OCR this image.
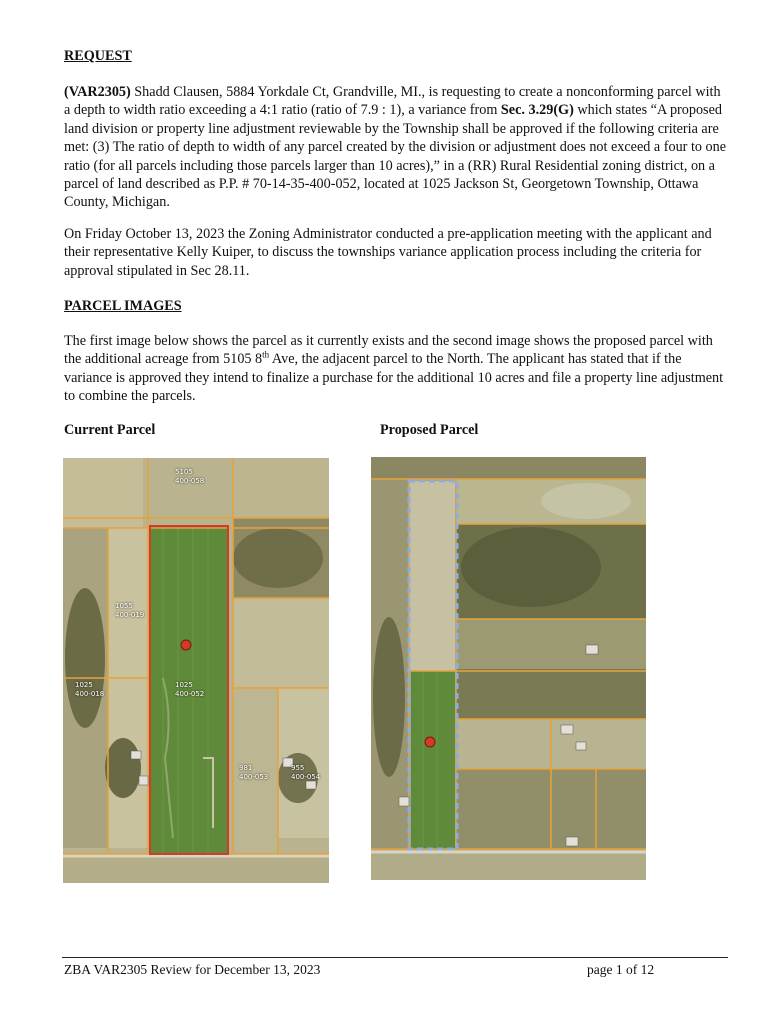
REQUEST

(VAR2305) Shadd Clausen, 5884 Yorkdale Ct, Grandville, MI., is requesting to create a nonconforming parcel with a depth to width ratio exceeding a 4:1 ratio (ratio of 7.9 : 1), a variance from Sec. 3.29(G) which states “A proposed land division or property line adjustment reviewable by the Township shall be approved if the following criteria are met: (3) The ratio of depth to width of any parcel created by the division or adjustment does not exceed a four to one ratio (for all parcels including those parcels larger than 10 acres),” in a (RR) Rural Residential zoning district, on a parcel of land described as P.P. # 70-14-35-400-052, located at 1025 Jackson St, Georgetown Township, Ottawa County, Michigan.

On Friday October 13, 2023 the Zoning Administrator conducted a pre-application meeting with the applicant and their representative Kelly Kuiper, to discuss the townships variance application process including the criteria for approval stipulated in Sec 28.11.

PARCEL IMAGES

The first image below shows the parcel as it currently exists and the second image shows the proposed parcel with the additional acreage from 5105 8th Ave, the adjacent parcel to the North. The applicant has stated that if the variance is approved they intend to finalize a purchase for the additional 10 acres and file a property line adjustment to combine the parcels.

Current Parcel	Proposed Parcel
5105
400-058
1055
400-019
1025
400-018
1025
400-052
981
400-053
955
400-054
ZBA VAR2305 Review for December 13, 2023	page 1 of 12
